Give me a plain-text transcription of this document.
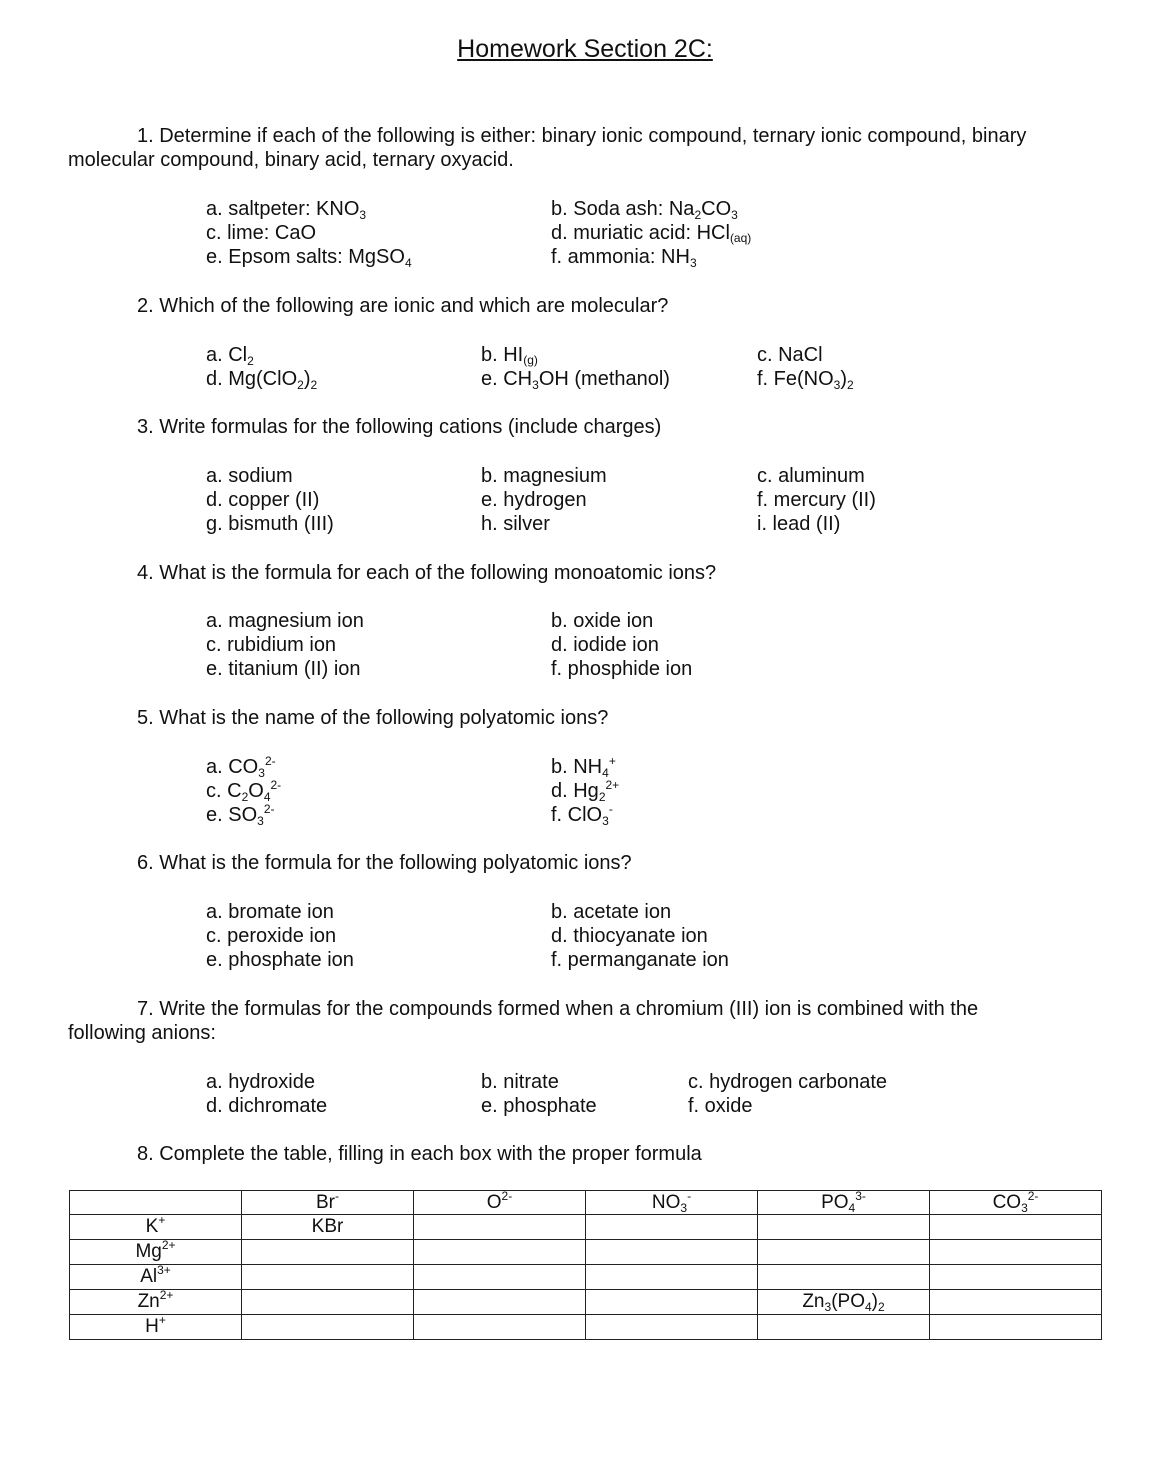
Homework Section 2C:

1. Determine if each of the following is either: binary ionic compound, ternary ionic compound, binary
molecular compound, binary acid, ternary oxyacid.

a. saltpeter: $KNO_3$	b. Soda ash: $Na_2CO_3$

c. lime: CaO	d. muriatic acid: HCl(aq)

e. Epsom salts: MgSO$_4$	f. ammonia: $NH_3$

2. Which of the following are ionic and which are molecular?

a. $Cl_2$	b. HI(g)	c. NaCl

d. $Mg(ClO_2)_2$	e. $CH_3OH$ (methanol)	f. $Fe(NO_3)_2$

3. Write formulas for the following cations (include charges)

a. sodium	b. magnesium	c. aluminum

d. copper (II)	e. hydrogen	f. mercury (II)

g. bismuth (III)	h. silver	i. lead (II)

4. What is the formula for each of the following monoatomic ions?

a. magnesium ion	b. oxide ion

c. rubidium ion	d. iodide ion

e. titanium (II) ion	f. phosphide ion

5. What is the name of the following polyatomic ions?

a. $CO_3^{2-}$	b. $NH_4^+$

c. $C_2O_4^{2-}$	d. $Hg_2^{2+}$

e. $SO_3^{2-}$	f. ClO$_3$-

6. What is the formula for the following polyatomic ions?

a. bromate ion	b. acetate ion

c. peroxide ion	d. thiocyanate ion

e. phosphate ion	f. permanganate ion

7. Write the formulas for the compounds formed when a chromium (III) ion is combined with the
following anions:

a. hydroxide	b. nitrate	c. hydrogen carbonate

d. dichromate	e. phosphate	f. oxide

8. Complete the table, filling in each box with the proper formula

	Br-	$O^{2-}$	$NO_3^-$	$PO_4^{3-}$	$CO_3^{2-}$
K+	KBr				
$Mg^{2+}$					
$Al^{3+}$					
$Zn^{2+}$				$Zn_3(PO_4)_2$	
H+					
